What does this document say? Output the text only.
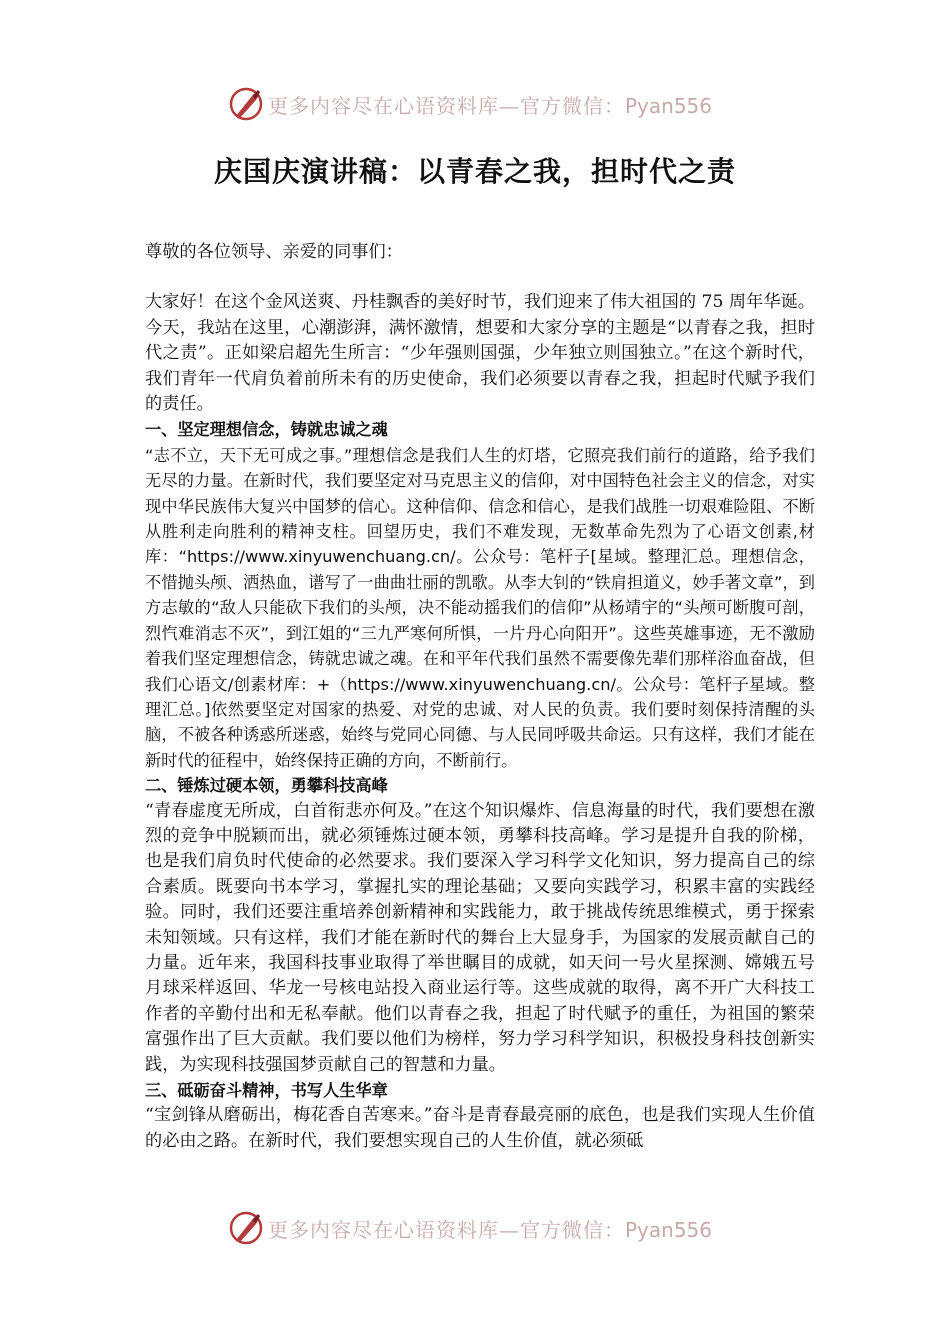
更多内容尽在心语资料库—官方微信：Pyan556
庆国庆演讲稿：以青春之我，担时代之责

尊敬的各位领导、亲爱的同事们：

大家好！在这个金风送爽、丹桂飘香的美好时节，我们迎来了伟大祖国的 75 周年华诞。今天，我站在这里，心潮澎湃，满怀激情，想要和大家分享的主题是“以青春之我，担时代之责”。正如梁启超先生所言：“少年强则国强，少年独立则国独立。”在这个新时代，我们青年一代肩负着前所未有的历史使命，我们必须要以青春之我，担起时代赋予我们的责任。

一、坚定理想信念，铸就忠诚之魂

“志不立，天下无可成之事。”理想信念是我们人生的灯塔，它照亮我们前行的道路，给予我们无尽的力量。在新时代，我们要坚定对马克思主义的信仰，对中国特色社会主义的信念，对实现中华民族伟大复兴中国梦的信心。这种信仰、信念和信心，是我们战胜一切艰难险阻、不断从胜利走向胜利的精神支柱。回望历史，我们不难发现，无数革命先烈为了心语文创素,材库：“https://www.xinyuwenchuang.cn/。公众号：笔杆子[星域。整理汇总。理想信念，不惜抛头颅、洒热血，谱写了一曲曲壮丽的凯歌。从李大钊的“铁肩担道义，妙手著文章”，到方志敏的“敌人只能砍下我们的头颅，决不能动摇我们的信仰”从杨靖宇的“头颅可断腹可剖，烈忾难消志不灭”，到江姐的“三九严寒何所惧，一片丹心向阳开”。这些英雄事迹，无不激励着我们坚定理想信念，铸就忠诚之魂。在和平年代我们虽然不需要像先辈们那样浴血奋战，但我们心语文/创素材库：+（https://www.xinyuwenchuang.cn/。公众号：笔杆子星域。整理汇总。]依然要坚定对国家的热爱、对党的忠诚、对人民的负责。我们要时刻保持清醒的头脑，不被各种诱惑所迷惑，始终与党同心同德、与人民同呼吸共命运。只有这样，我们才能在新时代的征程中，始终保持正确的方向，不断前行。

二、锤炼过硬本领，勇攀科技高峰

“青春虚度无所成，白首衔悲亦何及。”在这个知识爆炸、信息海量的时代，我们要想在激烈的竞争中脱颖而出，就必须锤炼过硬本领，勇攀科技高峰。学习是提升自我的阶梯，也是我们肩负时代使命的必然要求。我们要深入学习科学文化知识，努力提高自己的综合素质。既要向书本学习，掌握扎实的理论基础；又要向实践学习，积累丰富的实践经验。同时，我们还要注重培养创新精神和实践能力，敢于挑战传统思维模式，勇于探索未知领域。只有这样，我们才能在新时代的舞台上大显身手，为国家的发展贡献自己的力量。近年来，我国科技事业取得了举世瞩目的成就，如天问一号火星探测、嫦娥五号月球采样返回、华龙一号核电站投入商业运行等。这些成就的取得，离不开广大科技工作者的辛勤付出和无私奉献。他们以青春之我，担起了时代赋予的重任，为祖国的繁荣富强作出了巨大贡献。我们要以他们为榜样，努力学习科学知识，积极投身科技创新实践，为实现科技强国梦贡献自己的智慧和力量。

三、砥砺奋斗精神，书写人生华章

“宝剑锋从磨砺出，梅花香自苦寒来。”奋斗是青春最亮丽的底色，也是我们实现人生价值的必由之路。在新时代，我们要想实现自己的人生价值，就必须砥

更多内容尽在心语资料库—官方微信：Pyan556
